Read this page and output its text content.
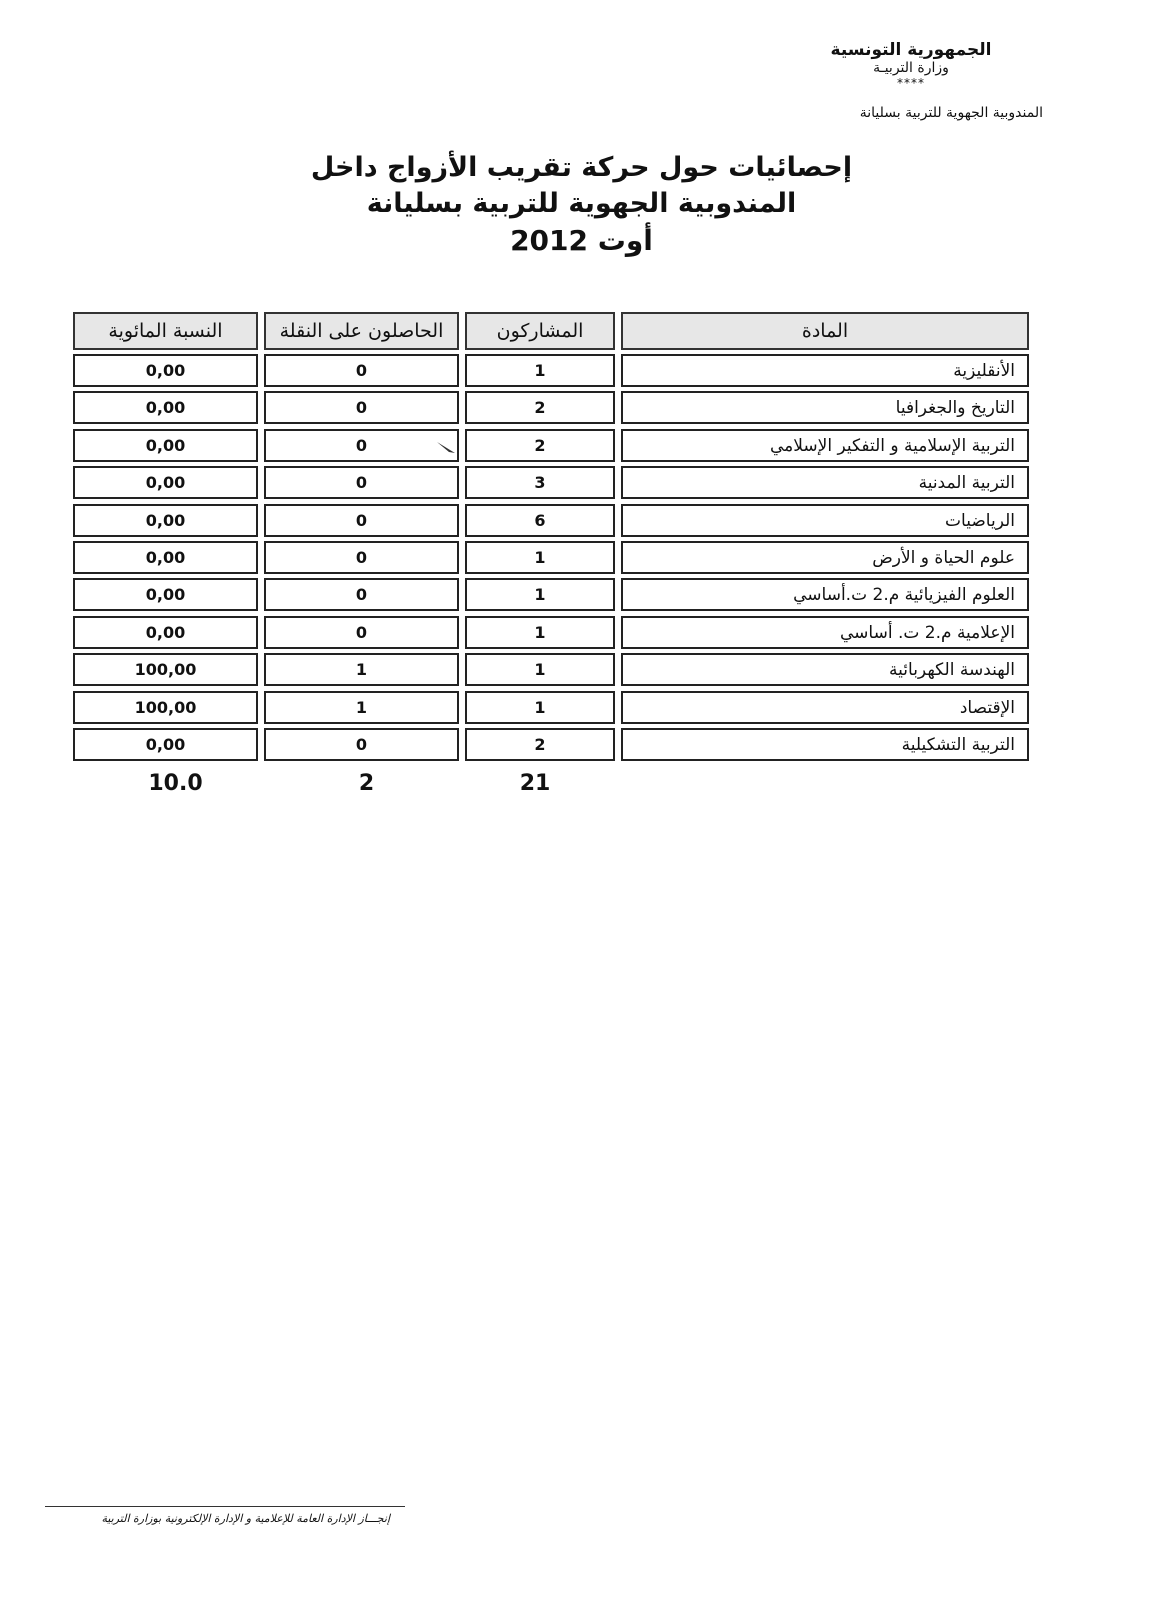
الجمهورية التونسية
وزارة التربيـة
****
المندوبية الجهوية للتربية بسليانة
إحصائيات حول حركة تقريب الأزواج داخل
المندوبية الجهوية للتربية بسليانة
أوت 2012
النسبة المائوية	الحاصلون على النقلة	المشاركون	المادة
0,00	0	1	الأنقليزية
0,00	0	2	التاريخ والجغرافيا
0,00	0	2	التربية الإسلامية و التفكير الإسلامي
0,00	0	3	التربية المدنية
0,00	0	6	الرياضيات
0,00	0	1	علوم الحياة و الأرض
0,00	0	1	العلوم الفيزيائية م.2 ت.أساسي
0,00	0	1	الإعلامية م.2 ت. أساسي
100,00	1	1	الهندسة الكهربائية
100,00	1	1	الإقتصاد
0,00	0	2	التربية التشكيلية
10.0	2	21
إنجـــاز الإدارة العامة للإعلامية و الإدارة الإلكترونية بوزارة التربية
